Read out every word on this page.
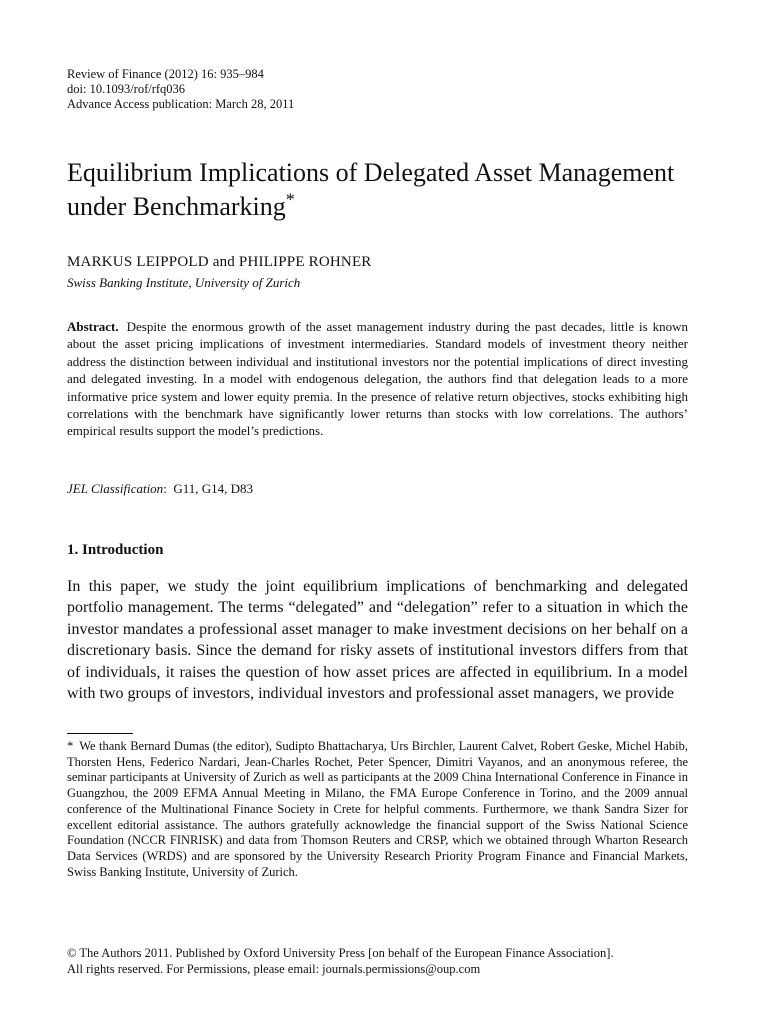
Review of Finance (2012) 16: 935–984
doi: 10.1093/rof/rfq036
Advance Access publication: March 28, 2011
Equilibrium Implications of Delegated Asset Management under Benchmarking*
MARKUS LEIPPOLD and PHILIPPE ROHNER
Swiss Banking Institute, University of Zurich

Abstract. Despite the enormous growth of the asset management industry during the past decades, little is known about the asset pricing implications of investment intermediaries. Standard models of investment theory neither address the distinction between individual and institutional investors nor the potential implications of direct investing and delegated investing. In a model with endogenous delegation, the authors find that delegation leads to a more informative price system and lower equity premia. In the presence of relative return objectives, stocks exhibiting high correlations with the benchmark have significantly lower returns than stocks with low correlations. The authors’ empirical results support the model’s predictions.

JEL Classification: G11, G14, D83
1. Introduction

In this paper, we study the joint equilibrium implications of benchmarking and delegated portfolio management. The terms “delegated” and “delegation” refer to a situation in which the investor mandates a professional asset manager to make investment decisions on her behalf on a discretionary basis. Since the demand for risky assets of institutional investors differs from that of individuals, it raises the question of how asset prices are affected in equilibrium. In a model with two groups of investors, individual investors and professional asset managers, we provide

* We thank Bernard Dumas (the editor), Sudipto Bhattacharya, Urs Birchler, Laurent Calvet, Robert Geske, Michel Habib, Thorsten Hens, Federico Nardari, Jean-Charles Rochet, Peter Spencer, Dimitri Vayanos, and an anonymous referee, the seminar participants at University of Zurich as well as participants at the 2009 China International Conference in Finance in Guangzhou, the 2009 EFMA Annual Meeting in Milano, the FMA Europe Conference in Torino, and the 2009 annual conference of the Multinational Finance Society in Crete for helpful comments. Furthermore, we thank Sandra Sizer for excellent editorial assistance. The authors gratefully acknowledge the financial support of the Swiss National Science Foundation (NCCR FINRISK) and data from Thomson Reuters and CRSP, which we obtained through Wharton Research Data Services (WRDS) and are sponsored by the University Research Priority Program Finance and Financial Markets, Swiss Banking Institute, University of Zurich.

© The Authors 2011. Published by Oxford University Press [on behalf of the European Finance Association].
All rights reserved. For Permissions, please email: journals.permissions@oup.com
